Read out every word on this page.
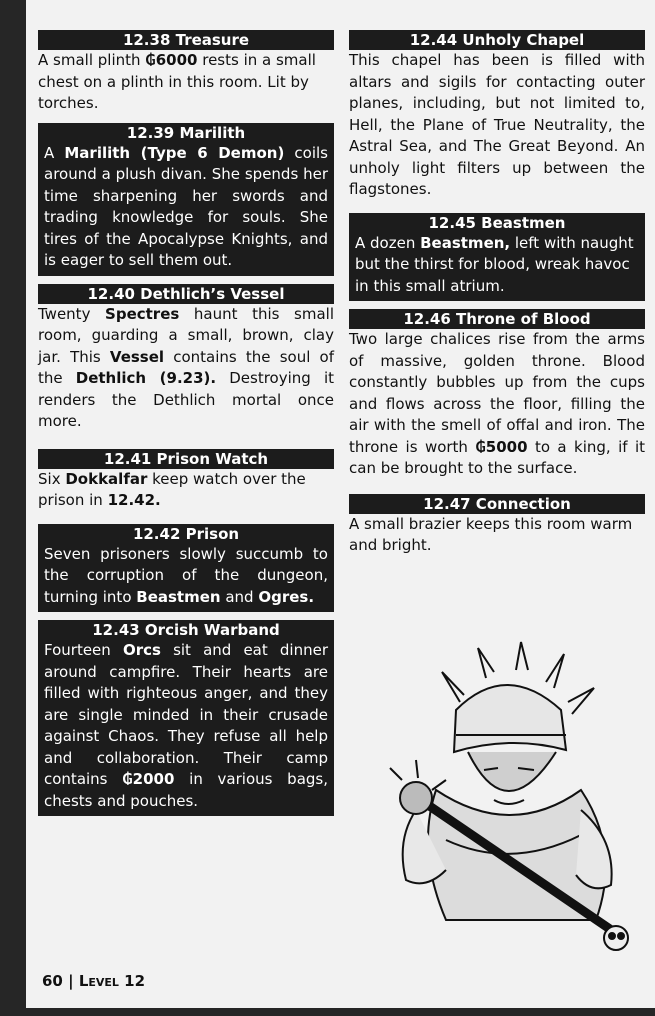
12.38 Treasure
A small plinth ₲6000 rests in a small chest on a plinth in this room. Lit by torches.
12.39 Marilith
A Marilith (Type 6 Demon) coils around a plush divan. She spends her time sharpening her swords and trading knowledge for souls. She tires of the Apocalypse Knights, and is eager to sell them out.
12.40 Dethlich’s Vessel
Twenty Spectres haunt this small room, guarding a small, brown, clay jar. This Vessel contains the soul of the Dethlich (9.23). Destroying it renders the Dethlich mortal once more.
12.41 Prison Watch
Six Dokkalfar keep watch over the prison in 12.42.
12.42 Prison
Seven prisoners slowly succumb to the corruption of the dungeon, turning into Beastmen and Ogres.
12.43 Orcish Warband
Fourteen Orcs sit and eat dinner around campfire. Their hearts are filled with righteous anger, and they are single minded in their crusade against Chaos. They refuse all help and collaboration. Their camp contains ₲2000 in various bags, chests and pouches.
12.44 Unholy Chapel
This chapel has been is filled with altars and sigils for contacting outer planes, including, but not limited to, Hell, the Plane of True Neutrality, the Astral Sea, and The Great Beyond. An unholy light filters up between the flagstones.
12.45 Beastmen
A dozen Beastmen, left with naught but the thirst for blood, wreak havoc in this small atrium.
12.46 Throne of Blood
Two large chalices rise from the arms of massive, golden throne. Blood constantly bubbles up from the cups and flows across the floor, filling the air with the smell of offal and iron. The throne is worth ₲5000 to a king, if it can be brought to the surface.
12.47 Connection
A small brazier keeps this room warm and bright.
60 | Level 12
